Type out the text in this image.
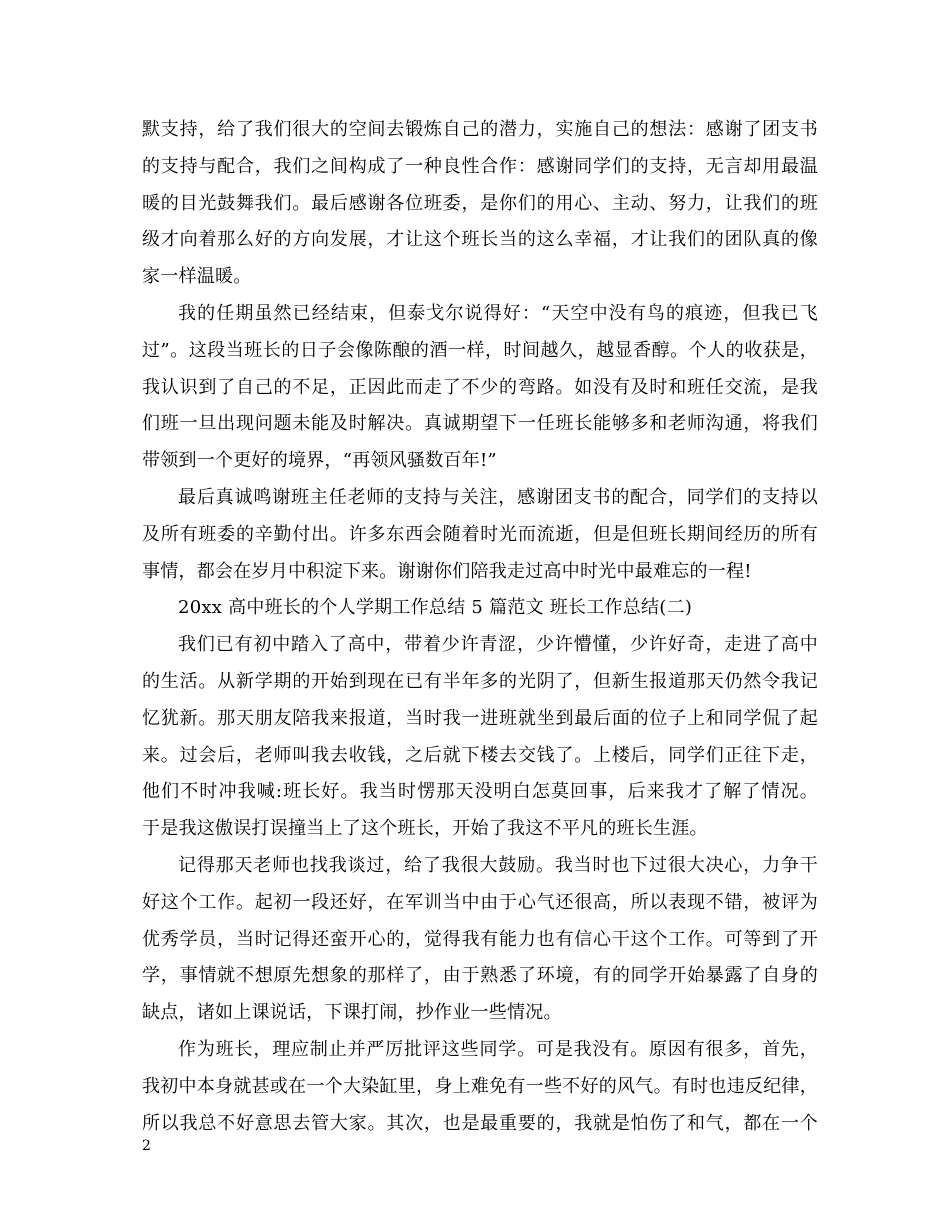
默支持，给了我们很大的空间去锻炼自己的潜力，实施自己的想法：感谢了团支书
的支持与配合，我们之间构成了一种良性合作：感谢同学们的支持，无言却用最温
暖的目光鼓舞我们。最后感谢各位班委，是你们的用心、主动、努力，让我们的班
级才向着那么好的方向发展，才让这个班长当的这么幸福，才让我们的团队真的像
家一样温暖。
我的任期虽然已经结束，但泰戈尔说得好：“天空中没有鸟的痕迹，但我已飞
过”。这段当班长的日子会像陈酿的酒一样，时间越久，越显香醇。个人的收获是，
我认识到了自己的不足，正因此而走了不少的弯路。如没有及时和班任交流，是我
们班一旦出现问题未能及时解决。真诚期望下一任班长能够多和老师沟通，将我们
带领到一个更好的境界，“再领风骚数百年!”
最后真诚鸣谢班主任老师的支持与关注，感谢团支书的配合，同学们的支持以
及所有班委的辛勤付出。许多东西会随着时光而流逝，但是但班长期间经历的所有
事情，都会在岁月中积淀下来。谢谢你们陪我走过高中时光中最难忘的一程!
20xx 高中班长的个人学期工作总结 5 篇范文 班长工作总结(二)
我们已有初中踏入了高中，带着少许青涩，少许懵懂，少许好奇，走进了高中
的生活。从新学期的开始到现在已有半年多的光阴了，但新生报道那天仍然令我记
忆犹新。那天朋友陪我来报道，当时我一进班就坐到最后面的位子上和同学侃了起
来。过会后，老师叫我去收钱，之后就下楼去交钱了。上楼后，同学们正往下走，
他们不时冲我喊:班长好。我当时愣那天没明白怎莫回事，后来我才了解了情况。
于是我这傲误打误撞当上了这个班长，开始了我这不平凡的班长生涯。
记得那天老师也找我谈过，给了我很大鼓励。我当时也下过很大决心，力争干
好这个工作。起初一段还好，在军训当中由于心气还很高，所以表现不错，被评为
优秀学员，当时记得还蛮开心的，觉得我有能力也有信心干这个工作。可等到了开
学，事情就不想原先想象的那样了，由于熟悉了环境，有的同学开始暴露了自身的
缺点，诸如上课说话，下课打闹，抄作业一些情况。
作为班长，理应制止并严厉批评这些同学。可是我没有。原因有很多，首先，
我初中本身就甚或在一个大染缸里，身上难免有一些不好的风气。有时也违反纪律，
所以我总不好意思去管大家。其次，也是最重要的，我就是怕伤了和气，都在一个
2
